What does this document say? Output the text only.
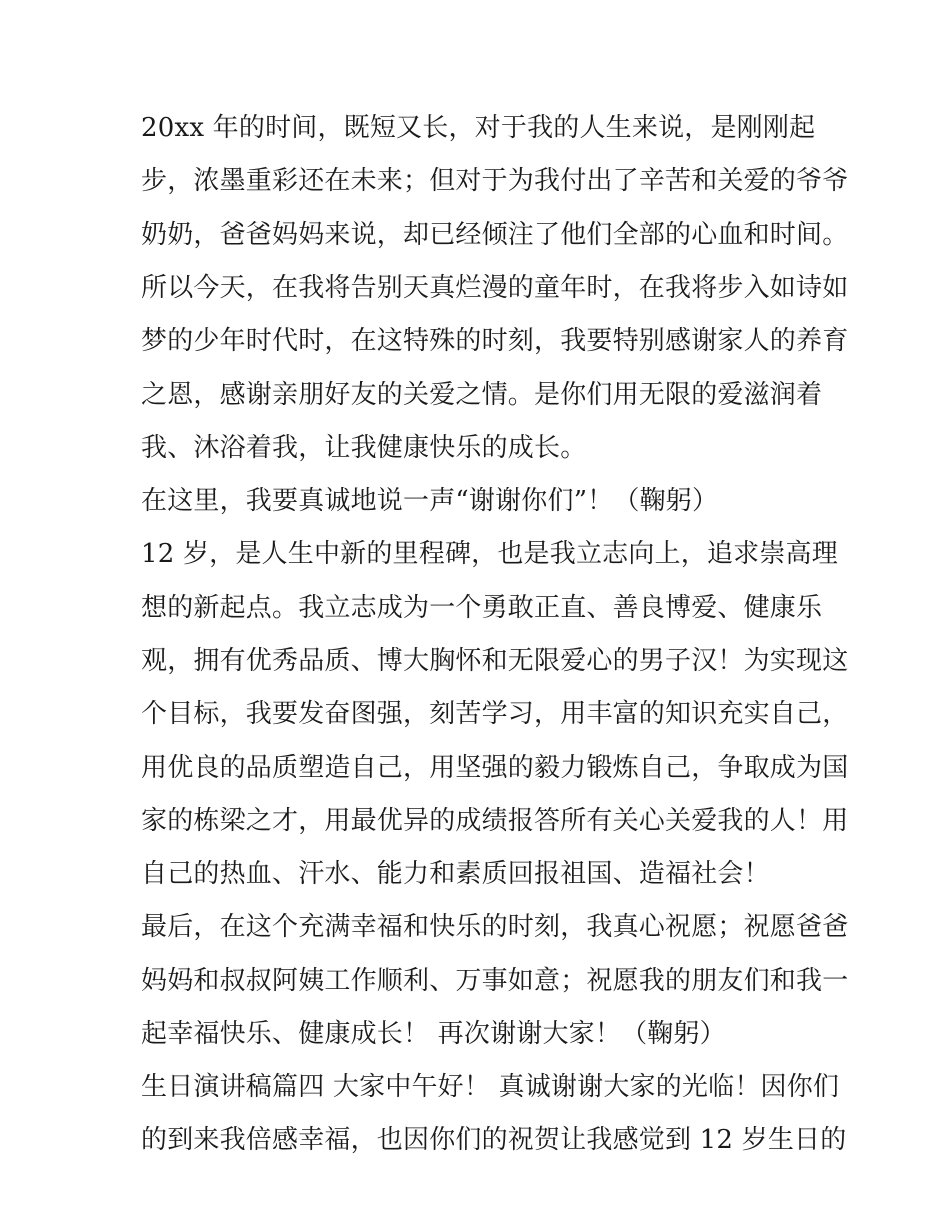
20xx 年的时间，既短又长，对于我的人生来说，是刚刚起
步，浓墨重彩还在未来；但对于为我付出了辛苦和关爱的爷爷
奶奶，爸爸妈妈来说，却已经倾注了他们全部的心血和时间。
所以今天，在我将告别天真烂漫的童年时，在我将步入如诗如
梦的少年时代时，在这特殊的时刻，我要特别感谢家人的养育
之恩，感谢亲朋好友的关爱之情。是你们用无限的爱滋润着
我、沐浴着我，让我健康快乐的成长。
在这里，我要真诚地说一声“谢谢你们”！（鞠躬）
12 岁，是人生中新的里程碑，也是我立志向上，追求崇高理
想的新起点。我立志成为一个勇敢正直、善良博爱、健康乐
观，拥有优秀品质、博大胸怀和无限爱心的男子汉！为实现这
个目标，我要发奋图强，刻苦学习，用丰富的知识充实自己，
用优良的品质塑造自己，用坚强的毅力锻炼自己，争取成为国
家的栋梁之才，用最优异的成绩报答所有关心关爱我的人！用
自己的热血、汗水、能力和素质回报祖国、造福社会！
最后，在这个充满幸福和快乐的时刻，我真心祝愿；祝愿爸爸
妈妈和叔叔阿姨工作顺利、万事如意；祝愿我的朋友们和我一
起幸福快乐、健康成长！ 再次谢谢大家！（鞠躬）
生日演讲稿篇四 大家中午好！ 真诚谢谢大家的光临！因你们
的到来我倍感幸福，也因你们的祝贺让我感觉到 12 岁生日的
